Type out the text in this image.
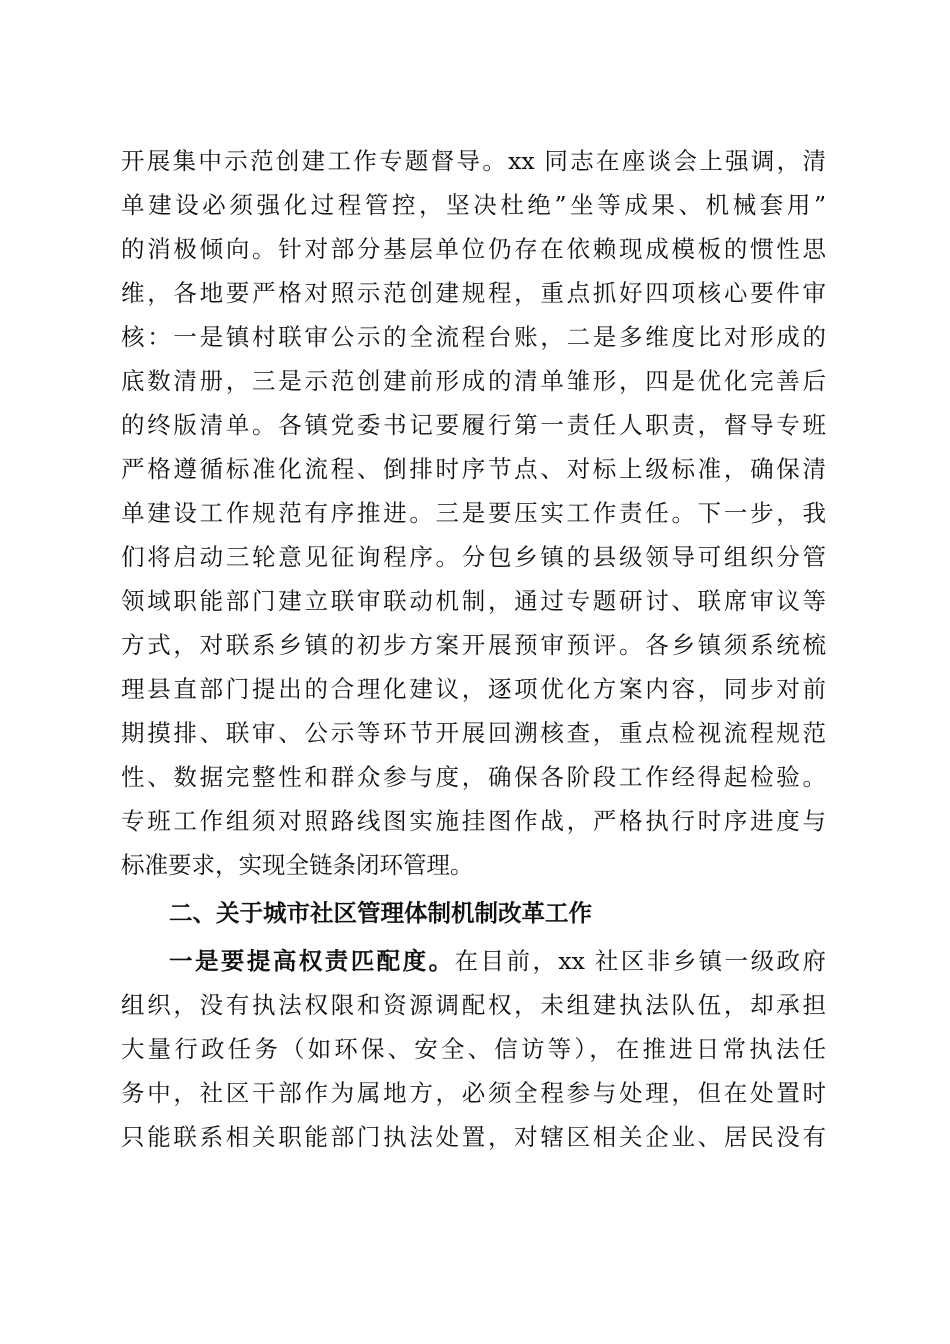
开展集中示范创建工作专题督导。xx 同志在座谈会上强调，清
单建设必须强化过程管控，坚决杜绝”坐等成果、机械套用”
的消极倾向。针对部分基层单位仍存在依赖现成模板的惯性思
维，各地要严格对照示范创建规程，重点抓好四项核心要件审
核：一是镇村联审公示的全流程台账，二是多维度比对形成的
底数清册，三是示范创建前形成的清单雏形，四是优化完善后
的终版清单。各镇党委书记要履行第一责任人职责，督导专班
严格遵循标准化流程、倒排时序节点、对标上级标准，确保清
单建设工作规范有序推进。三是要压实工作责任。下一步，我
们将启动三轮意见征询程序。分包乡镇的县级领导可组织分管
领域职能部门建立联审联动机制，通过专题研讨、联席审议等
方式，对联系乡镇的初步方案开展预审预评。各乡镇须系统梳
理县直部门提出的合理化建议，逐项优化方案内容，同步对前
期摸排、联审、公示等环节开展回溯核查，重点检视流程规范
性、数据完整性和群众参与度，确保各阶段工作经得起检验。
专班工作组须对照路线图实施挂图作战，严格执行时序进度与
标准要求，实现全链条闭环管理。
二、关于城市社区管理体制机制改革工作
一是要提高权责匹配度。在目前，xx 社区非乡镇一级政府
组织，没有执法权限和资源调配权，未组建执法队伍，却承担
大量行政任务（如环保、安全、信访等），在推进日常执法任
务中，社区干部作为属地方，必须全程参与处理，但在处置时
只能联系相关职能部门执法处置，对辖区相关企业、居民没有
